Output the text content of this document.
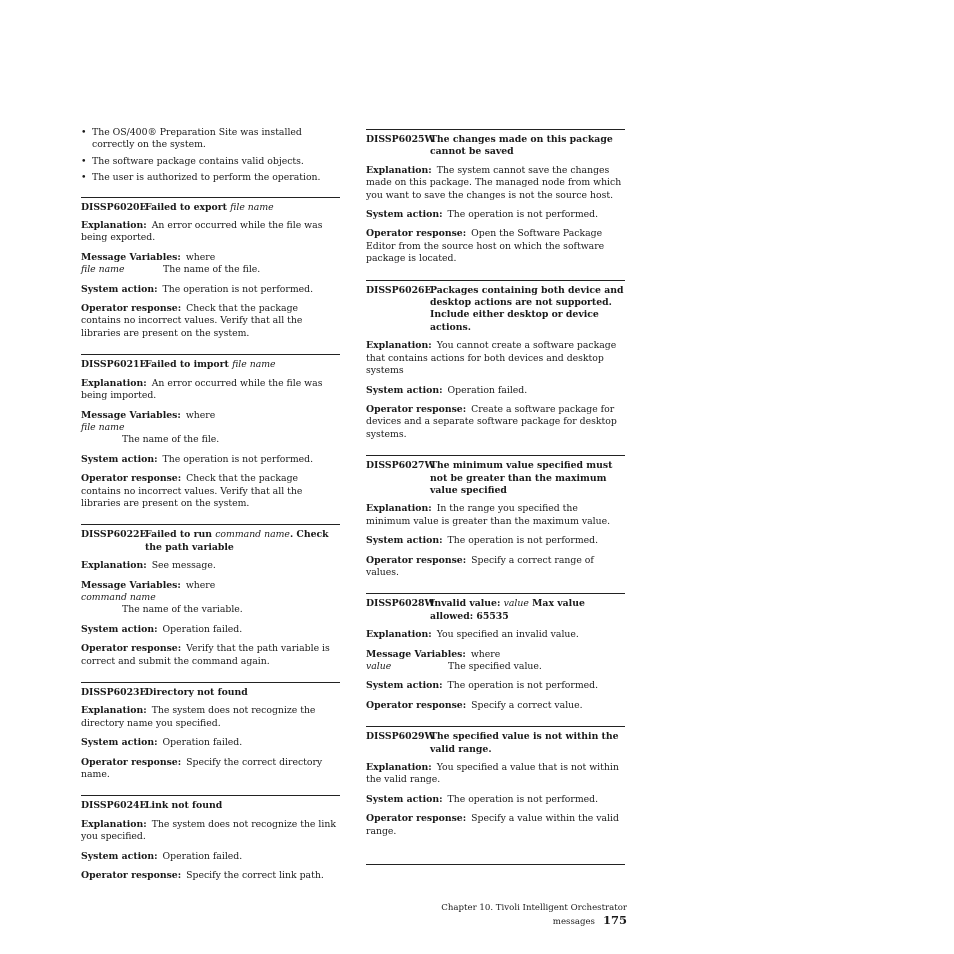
• The OS/400® Preparation Site was installed correctly on the system.
• The software package contains valid objects.
• The user is authorized to perform the operation.
DISSP6020E
Failed to export file name
Explanation: An error occurred while the file was being exported.
Message Variables: where
file name	The name of the file.
System action: The operation is not performed.
Operator response: Check that the package contains no incorrect values. Verify that all the libraries are present on the system.
DISSP6021E
Failed to import file name
Explanation: An error occurred while the file was being imported.
Message Variables: where
file name
The name of the file.
System action: The operation is not performed.
Operator response: Check that the package contains no incorrect values. Verify that all the libraries are present on the system.
DISSP6022E
Failed to run command name. Check the path variable
Explanation: See message.
Message Variables: where
command name
The name of the variable.
System action: Operation failed.
Operator response: Verify that the path variable is correct and submit the command again.
DISSP6023E
Directory not found
Explanation: The system does not recognize the directory name you specified.
System action: Operation failed.
Operator response: Specify the correct directory name.
DISSP6024E
Link not found
Explanation: The system does not recognize the link you specified.
System action: Operation failed.
Operator response: Specify the correct link path.
DISSP6025W
The changes made on this package cannot be saved
Explanation: The system cannot save the changes made on this package. The managed node from which you want to save the changes is not the source host.
System action: The operation is not performed.
Operator response: Open the Software Package Editor from the source host on which the software package is located.
DISSP6026E
Packages containing both device and desktop actions are not supported. Include either desktop or device actions.
Explanation: You cannot create a software package that contains actions for both devices and desktop systems
System action: Operation failed.
Operator response: Create a software package for devices and a separate software package for desktop systems.
DISSP6027W
The minimum value specified must not be greater than the maximum value specified
Explanation: In the range you specified the minimum value is greater than the maximum value.
System action: The operation is not performed.
Operator response: Specify a correct range of values.
DISSP6028W
Invalid value: value Max value allowed: 65535
Explanation: You specified an invalid value.
Message Variables: where
value	The specified value.
System action: The operation is not performed.
Operator response: Specify a correct value.
DISSP6029W
The specified value is not within the valid range.
Explanation: You specified a value that is not within the valid range.
System action: The operation is not performed.
Operator response: Specify a value within the valid range.
Chapter 10. Tivoli Intelligent Orchestrator messages 175
